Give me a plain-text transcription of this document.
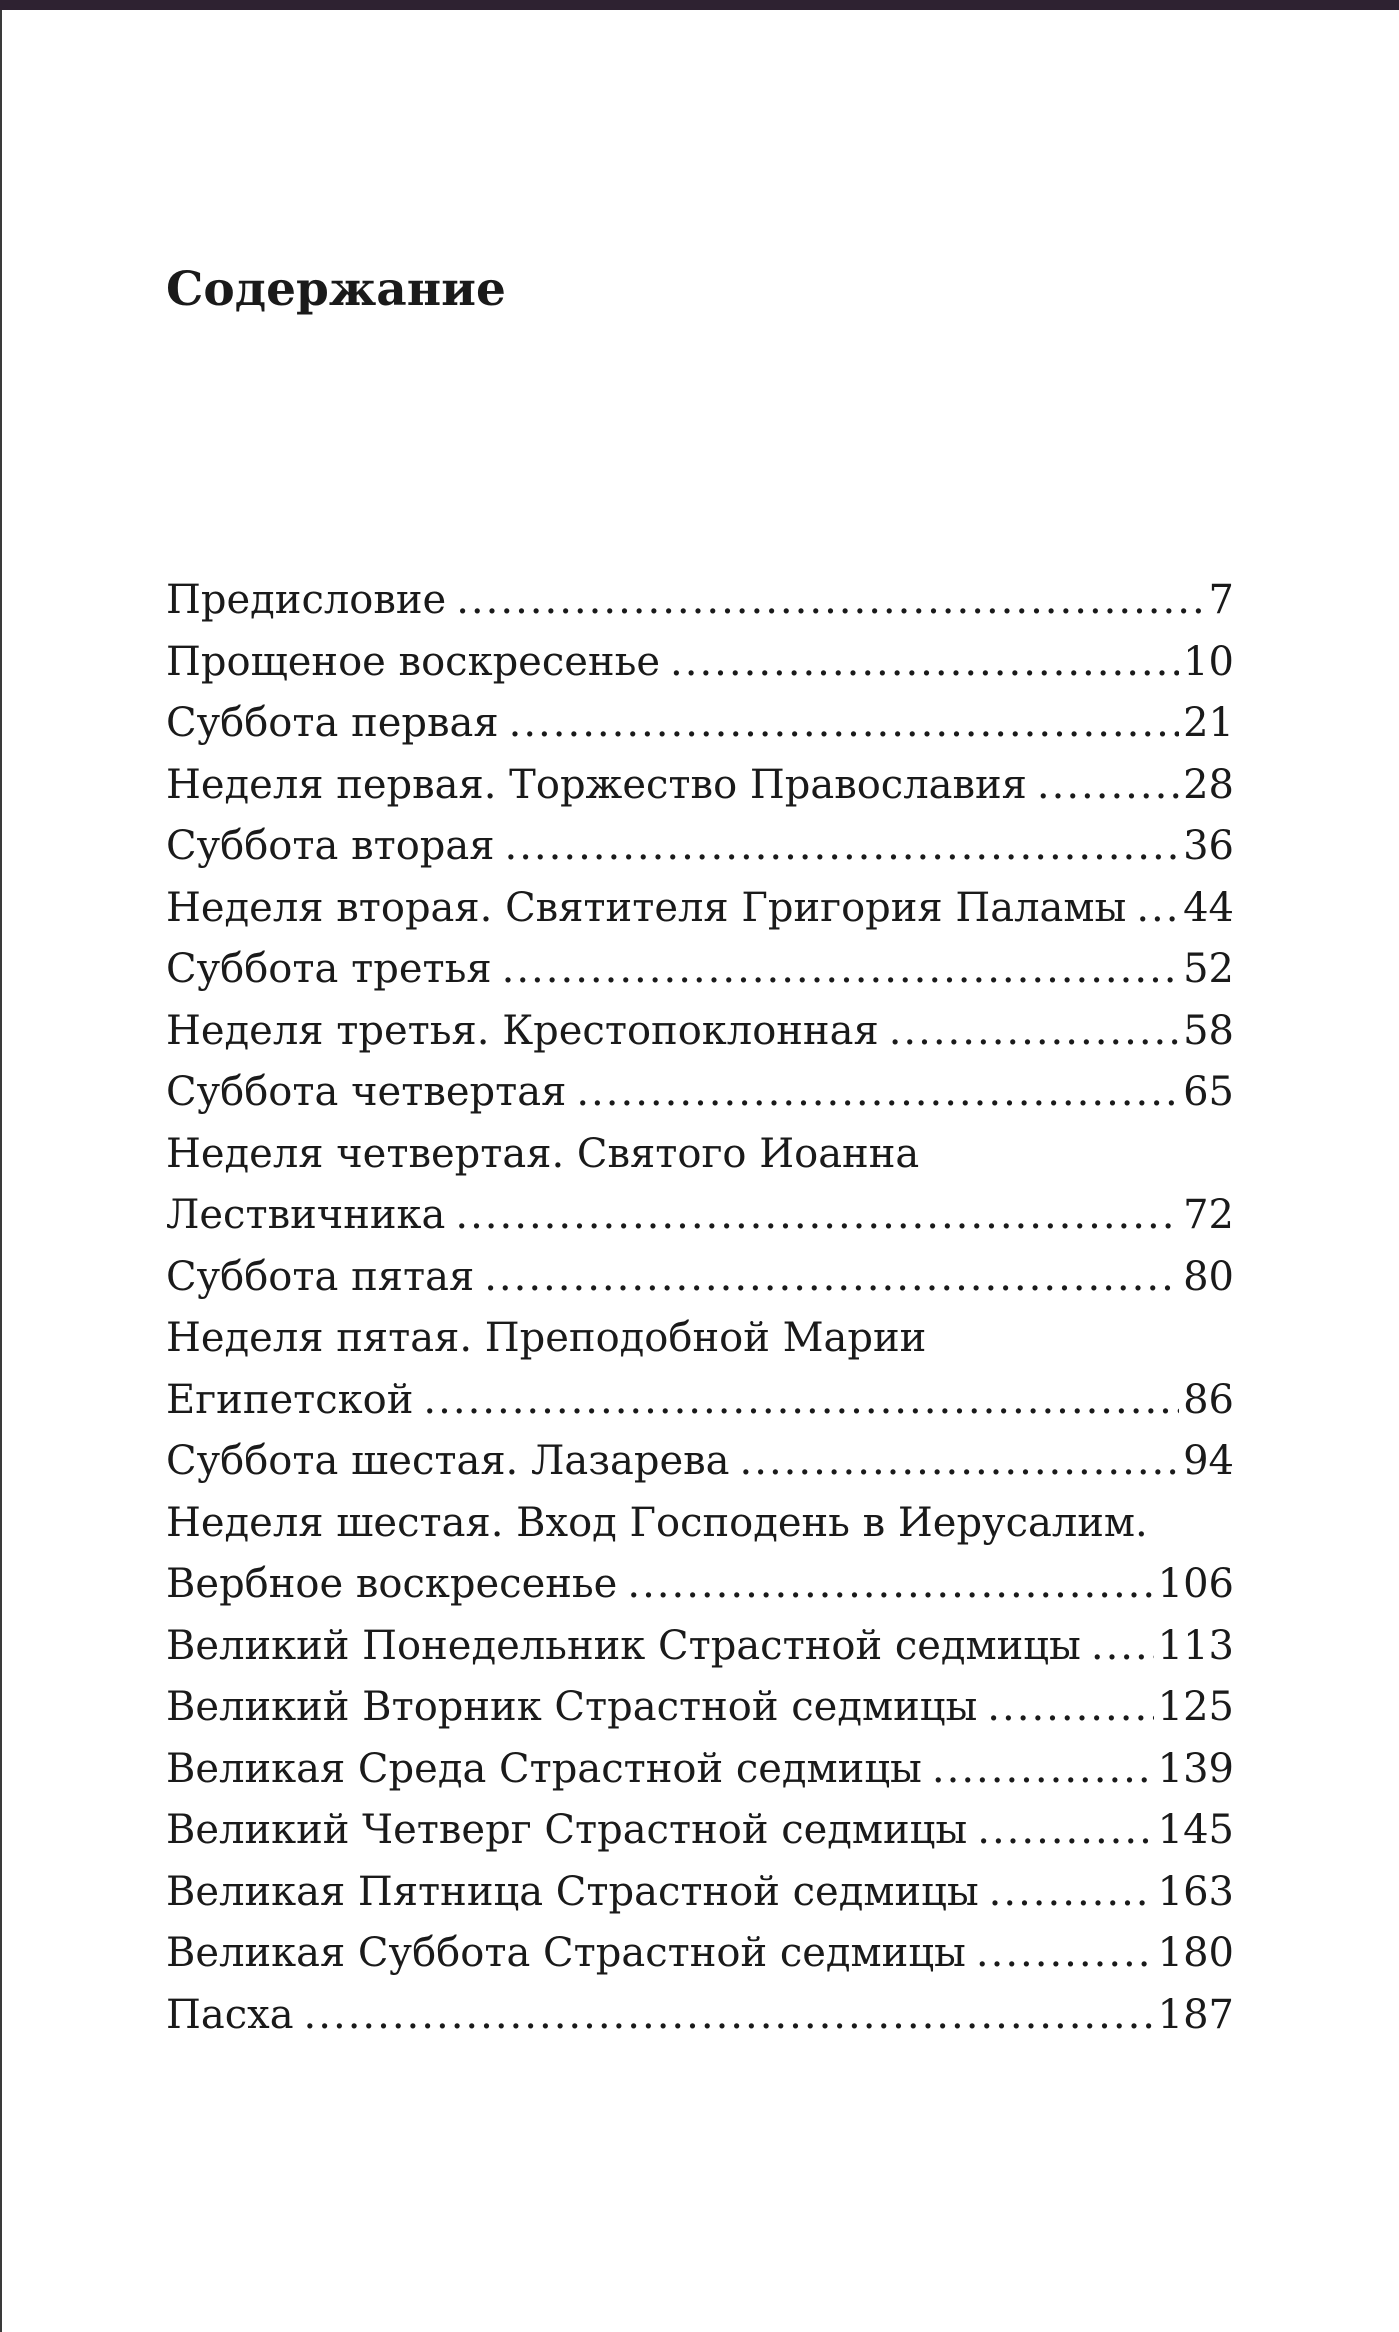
Содержание
Предисловие .....	7
Прощеное воскресенье .....	10
Суббота первая .....	21
Неделя первая. Торжество Православия .....	28
Суббота вторая .....	36
Неделя вторая. Святителя Григория Паламы ..... 44
Суббота третья .....	52
Неделя третья. Крестопоклонная .....	58
Суббота четвертая .....	65
Неделя четвертая. Святого Иоанна
Лествичника .....	72
Суббота пятая .....	80
Неделя пятая. Преподобной Марии
Египетской .....	86
Суббота шестая. Лазарева .....	94
Неделя шестая. Вход Господень в Иерусалим.
Вербное воскресенье .....	106
Великий Понедельник Страстной седмицы ..... 113
Великий Вторник Страстной седмицы .....	125
Великая Среда Страстной седмицы .....	139
Великий Четверг Страстной седмицы .....	145
Великая Пятница Страстной седмицы .....	163
Великая Суббота Страстной седмицы .....	180
Пасха .....	187
